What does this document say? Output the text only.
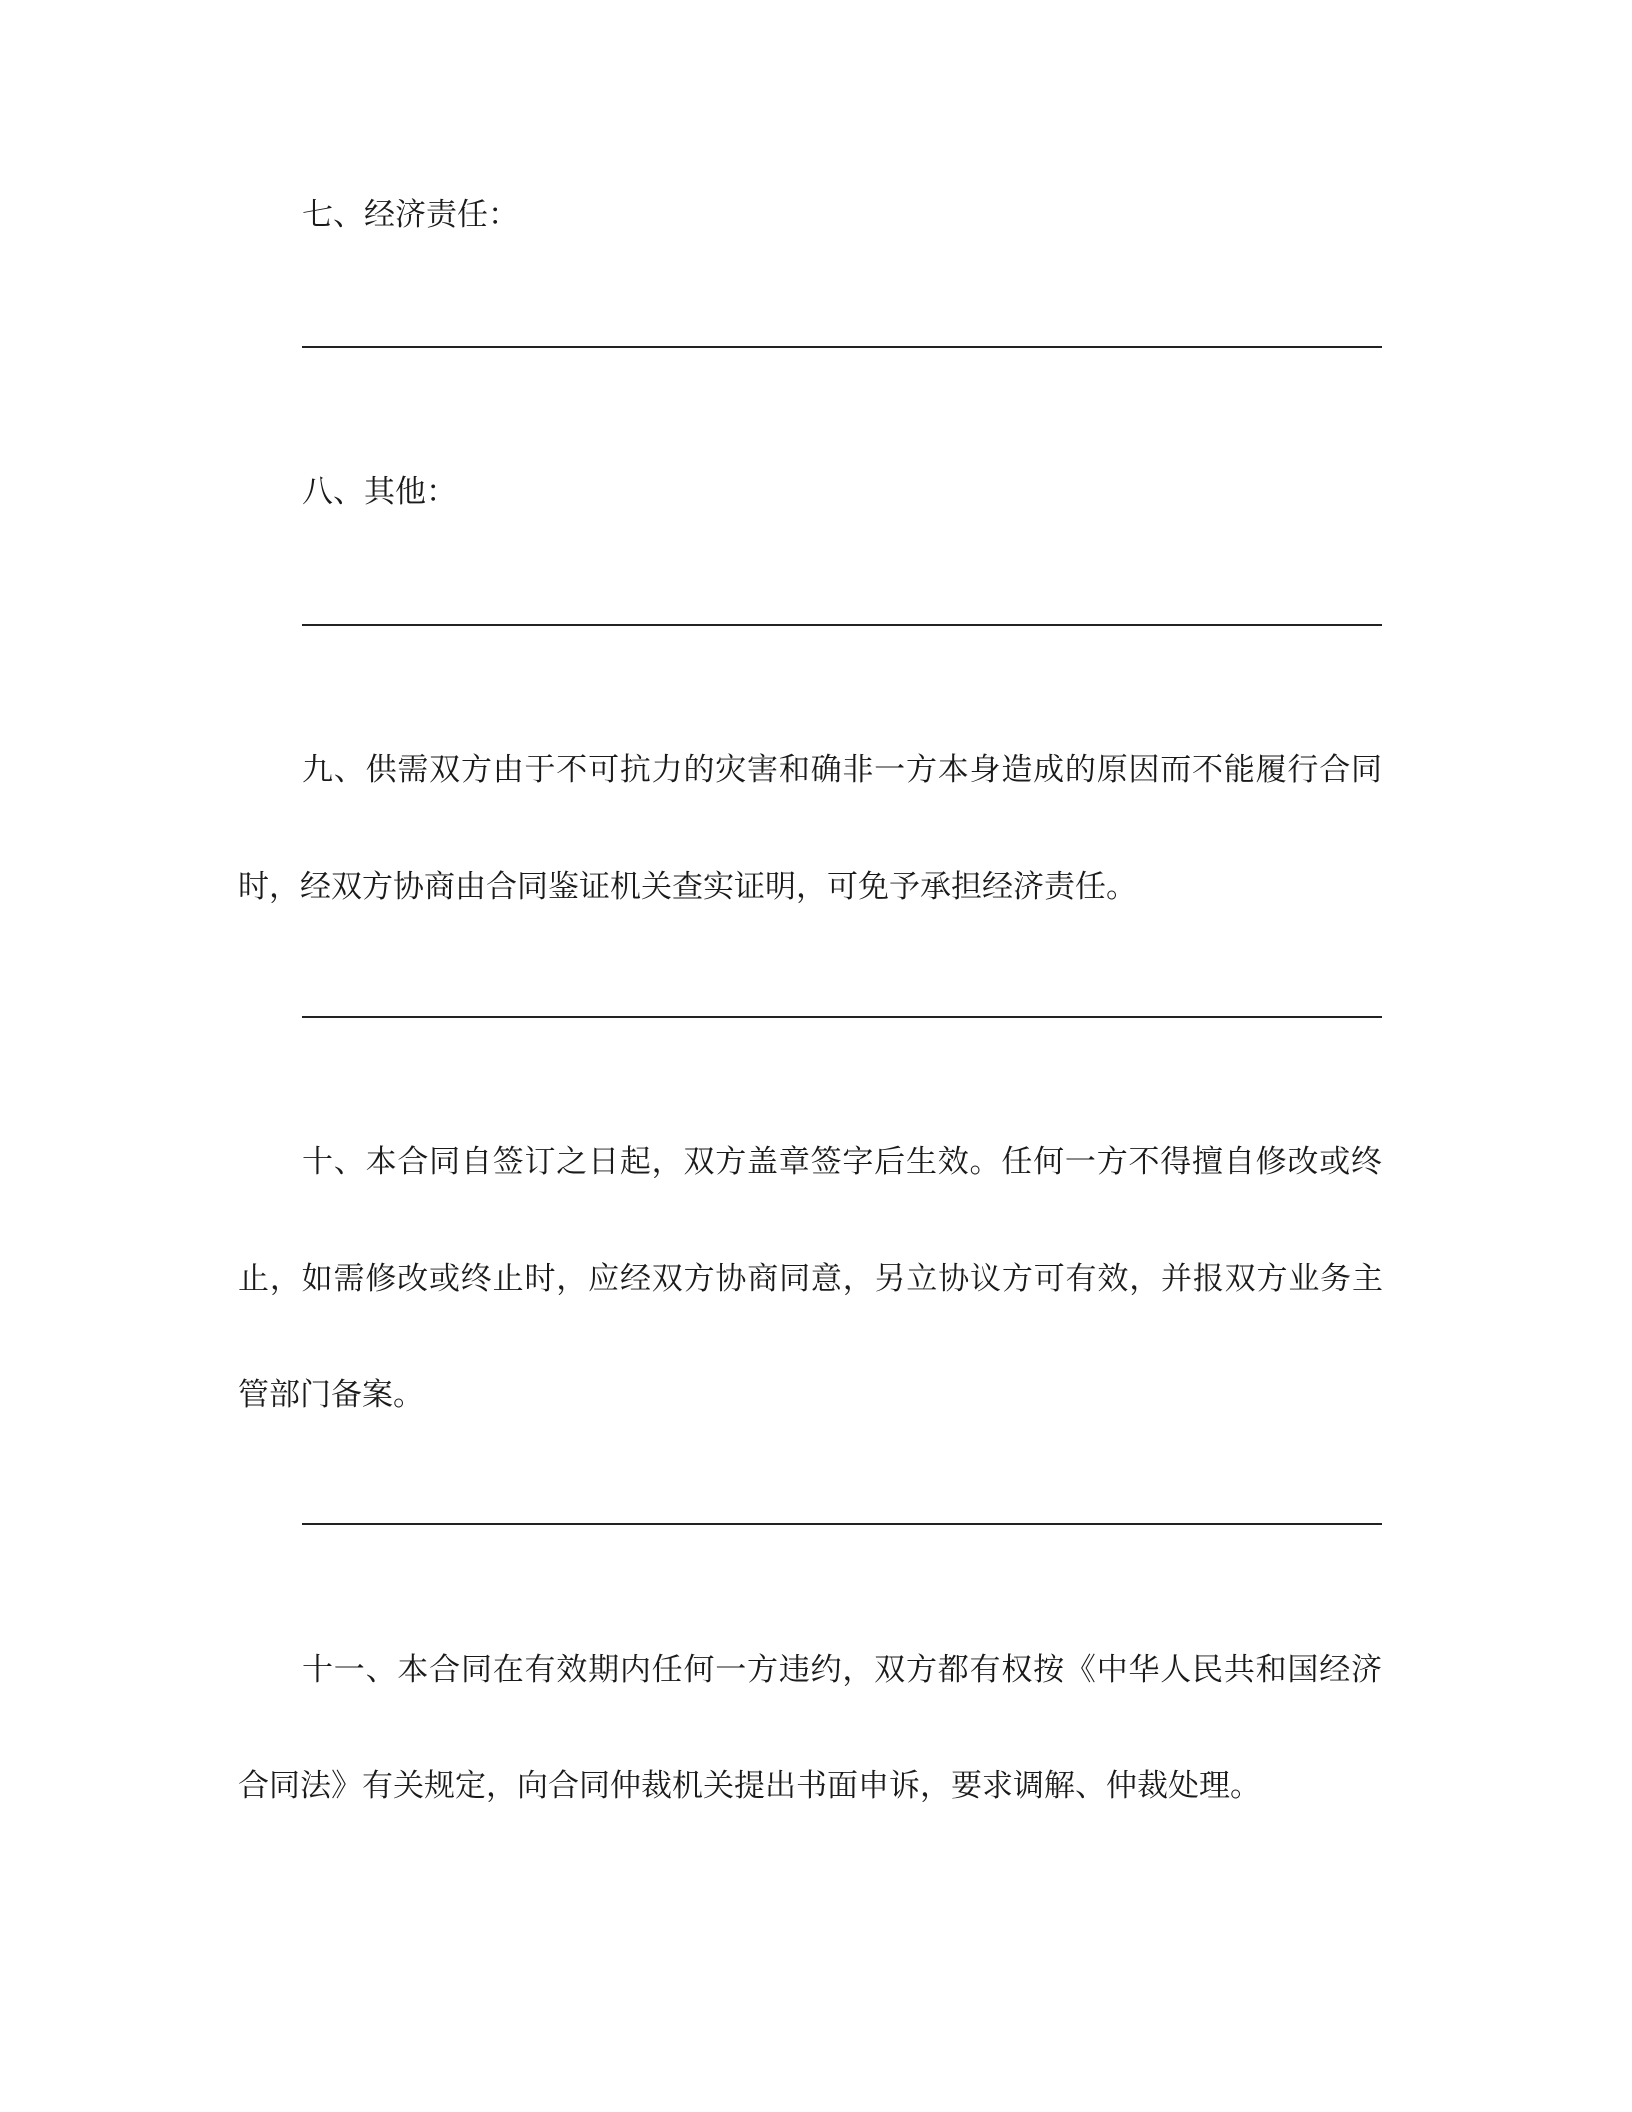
七、经济责任：

八、其他：

九、供需双方由于不可抗力的灾害和确非一方本身造成的原因而不能履行合同

时，经双方协商由合同鉴证机关查实证明，可免予承担经济责任。

十、本合同自签订之日起，双方盖章签字后生效。任何一方不得擅自修改或终

止，如需修改或终止时，应经双方协商同意，另立协议方可有效，并报双方业务主

管部门备案。

十一、本合同在有效期内任何一方违约，双方都有权按《中华人民共和国经济

合同法》有关规定，向合同仲裁机关提出书面申诉，要求调解、仲裁处理。
